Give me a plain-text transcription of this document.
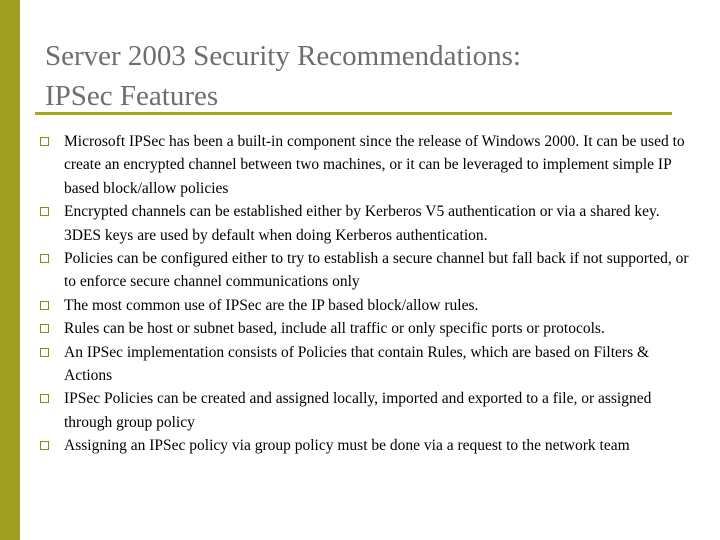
Server 2003 Security Recommendations:
IPSec Features
Microsoft IPSec has been a built-in component since the release of Windows 2000. It can be used to create an encrypted channel between two machines, or it can be leveraged to implement simple IP based block/allow policies
Encrypted channels can be established either by Kerberos V5 authentication or via a shared key. 3DES keys are used by default when doing Kerberos authentication.
Policies can be configured either to try to establish a secure channel but fall back if not supported, or to enforce secure channel communications only
The most common use of IPSec are the IP based block/allow rules.
Rules can be host or subnet based, include all traffic or only specific ports or protocols.
An IPSec implementation consists of Policies that contain Rules, which are based on Filters & Actions
IPSec Policies can be created and assigned locally, imported and exported to a file, or assigned through group policy
Assigning an IPSec policy via group policy must be done via a request to the network team
